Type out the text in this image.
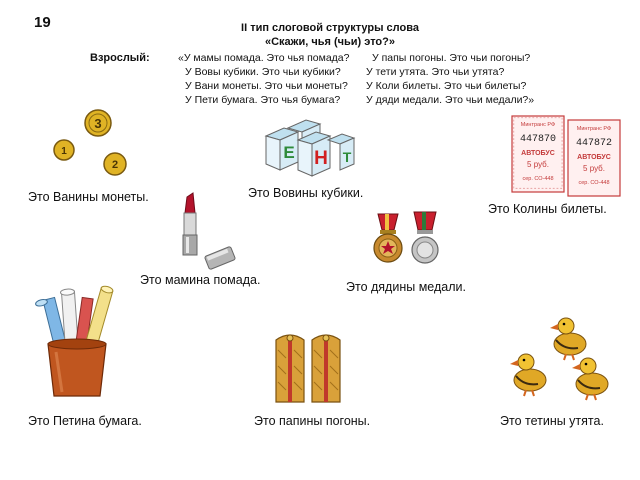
19	II тип слоговой структуры слова
«Скажи, чья (чьи) это?»
Взрослый:	«У мамы помада. Это чья помада?
У Вовы кубики. Это чьи кубики?
У Вани монеты. Это чьи монеты?
У Пети бумага. Это чья бумага?
У папы погоны. Это чьи погоны?
У тети утята. Это чьи утята?
У Коли билеты. Это чьи билеты?
У дяди медали. Это чьи медали?»
3
1
2
Это Ванины монеты.
Е Н Т
Это Вовины кубики.
Минтранс РФ
447870
АВТОБУС
5 руб.
сер. СО-448
Минтранс РФ
447872
АВТОБУС
5 руб.
сер. СО-448
Это Колины билеты.
Это мамина помада.	Это дядины медали.
Это Петина бумага.	Это папины погоны.	Это тетины утята.
